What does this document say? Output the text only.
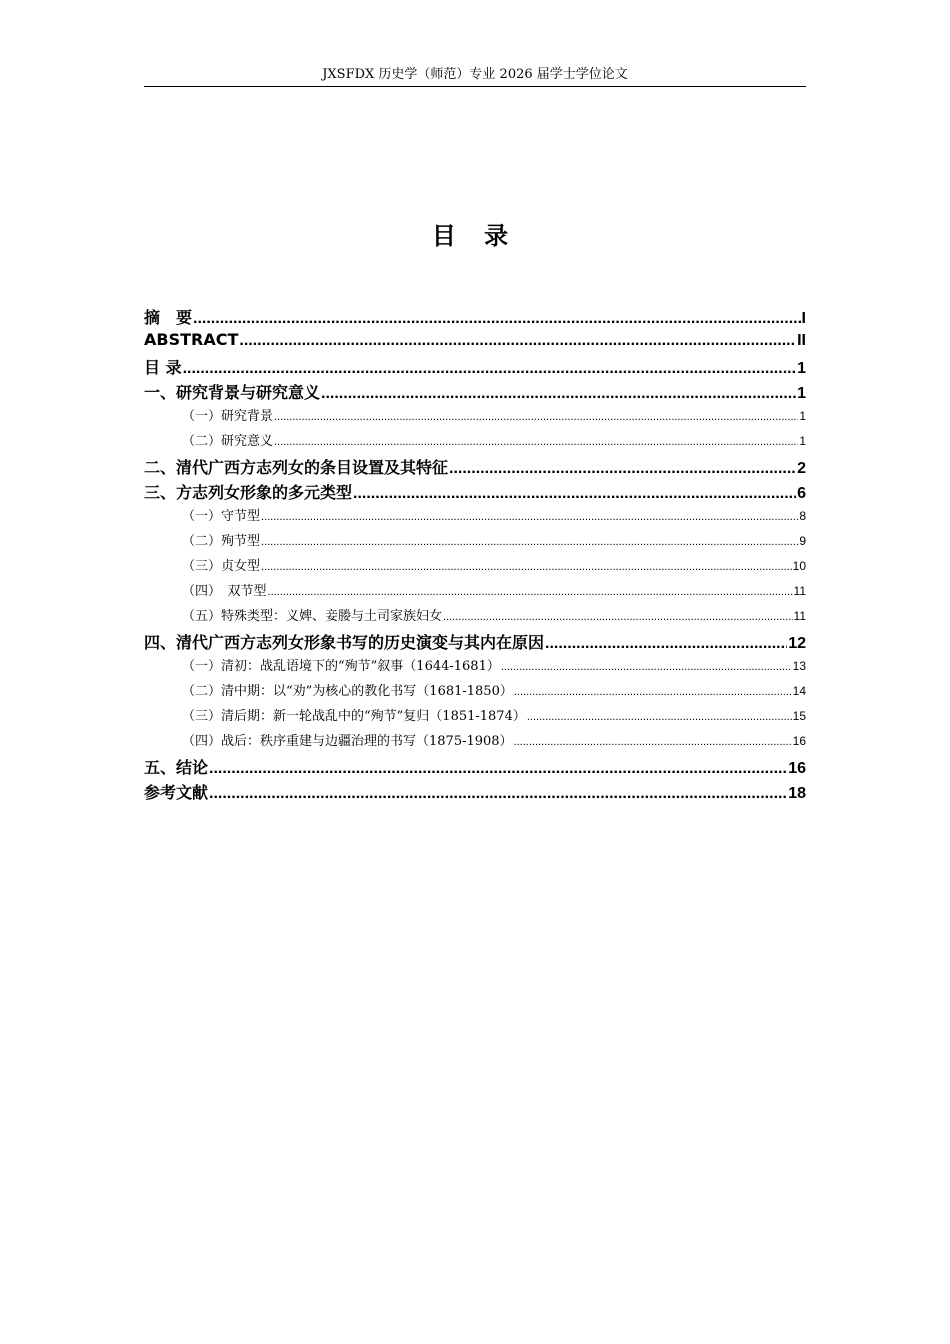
JXSFDX 历史学（师范）专业 2026 届学士学位论文
目 录
摘　要 .....	I
ABSTRACT .....	II
目 录 .....	1
一、研究背景与研究意义 .....	1
（一）研究背景 .....	1
（二）研究意义 .....	1
二、清代广西方志列女的条目设置及其特征 .....	2
三、方志列女形象的多元类型 .....	6
（一）守节型 .....	8
（二）殉节型 .....	9
（三）贞女型 .....	10
（四）　双节型 .....	11
（五）特殊类型：义婢、妾媵与土司家族妇女 .....	11
四、清代广西方志列女形象书写的历史演变与其内在原因 .....	12
（一）清初：战乱语境下的“殉节”叙事（1644-1681） .....	13
（二）清中期：以“劝”为核心的教化书写（1681-1850） .....	14
（三）清后期：新一轮战乱中的“殉节”复归（1851-1874） .....	15
（四）战后：秩序重建与边疆治理的书写（1875-1908） .....	16
五、结论 .....	16
参考文献 .....	18
